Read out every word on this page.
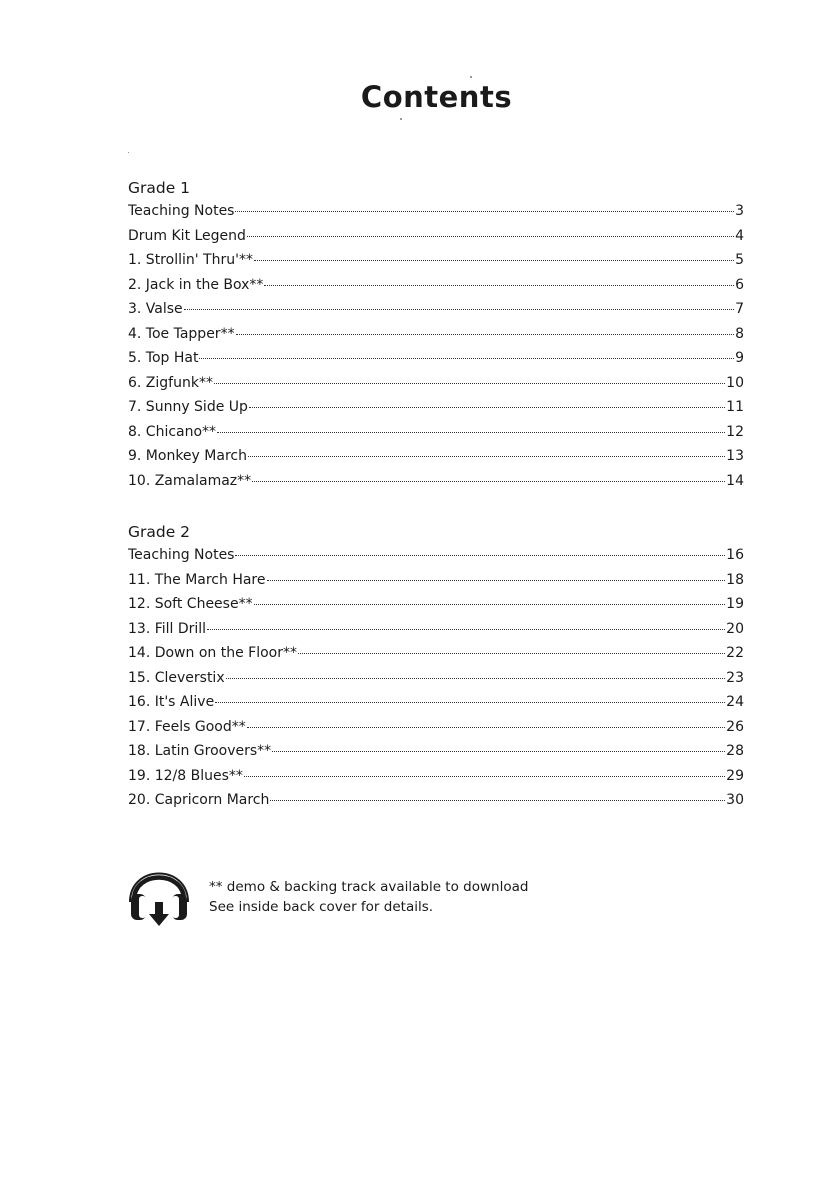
Contents
Grade 1
Teaching Notes	3
Drum Kit Legend	4
1. Strollin' Thru'**	5
2. Jack in the Box**	6
3. Valse	7
4. Toe Tapper**	8
5. Top Hat	9
6. Zigfunk**	10
7. Sunny Side Up	11
8. Chicano**	12
9. Monkey March	13
10. Zamalamaz**	14
Grade 2
Teaching Notes	16
11. The March Hare	18
12. Soft Cheese**	19
13. Fill Drill	20
14. Down on the Floor**	22
15. Cleverstix	23
16. It's Alive	24
17. Feels Good**	26
18. Latin Groovers**	28
19. 12/8 Blues**	29
20. Capricorn March	30
** demo & backing track available to download
See inside back cover for details.
